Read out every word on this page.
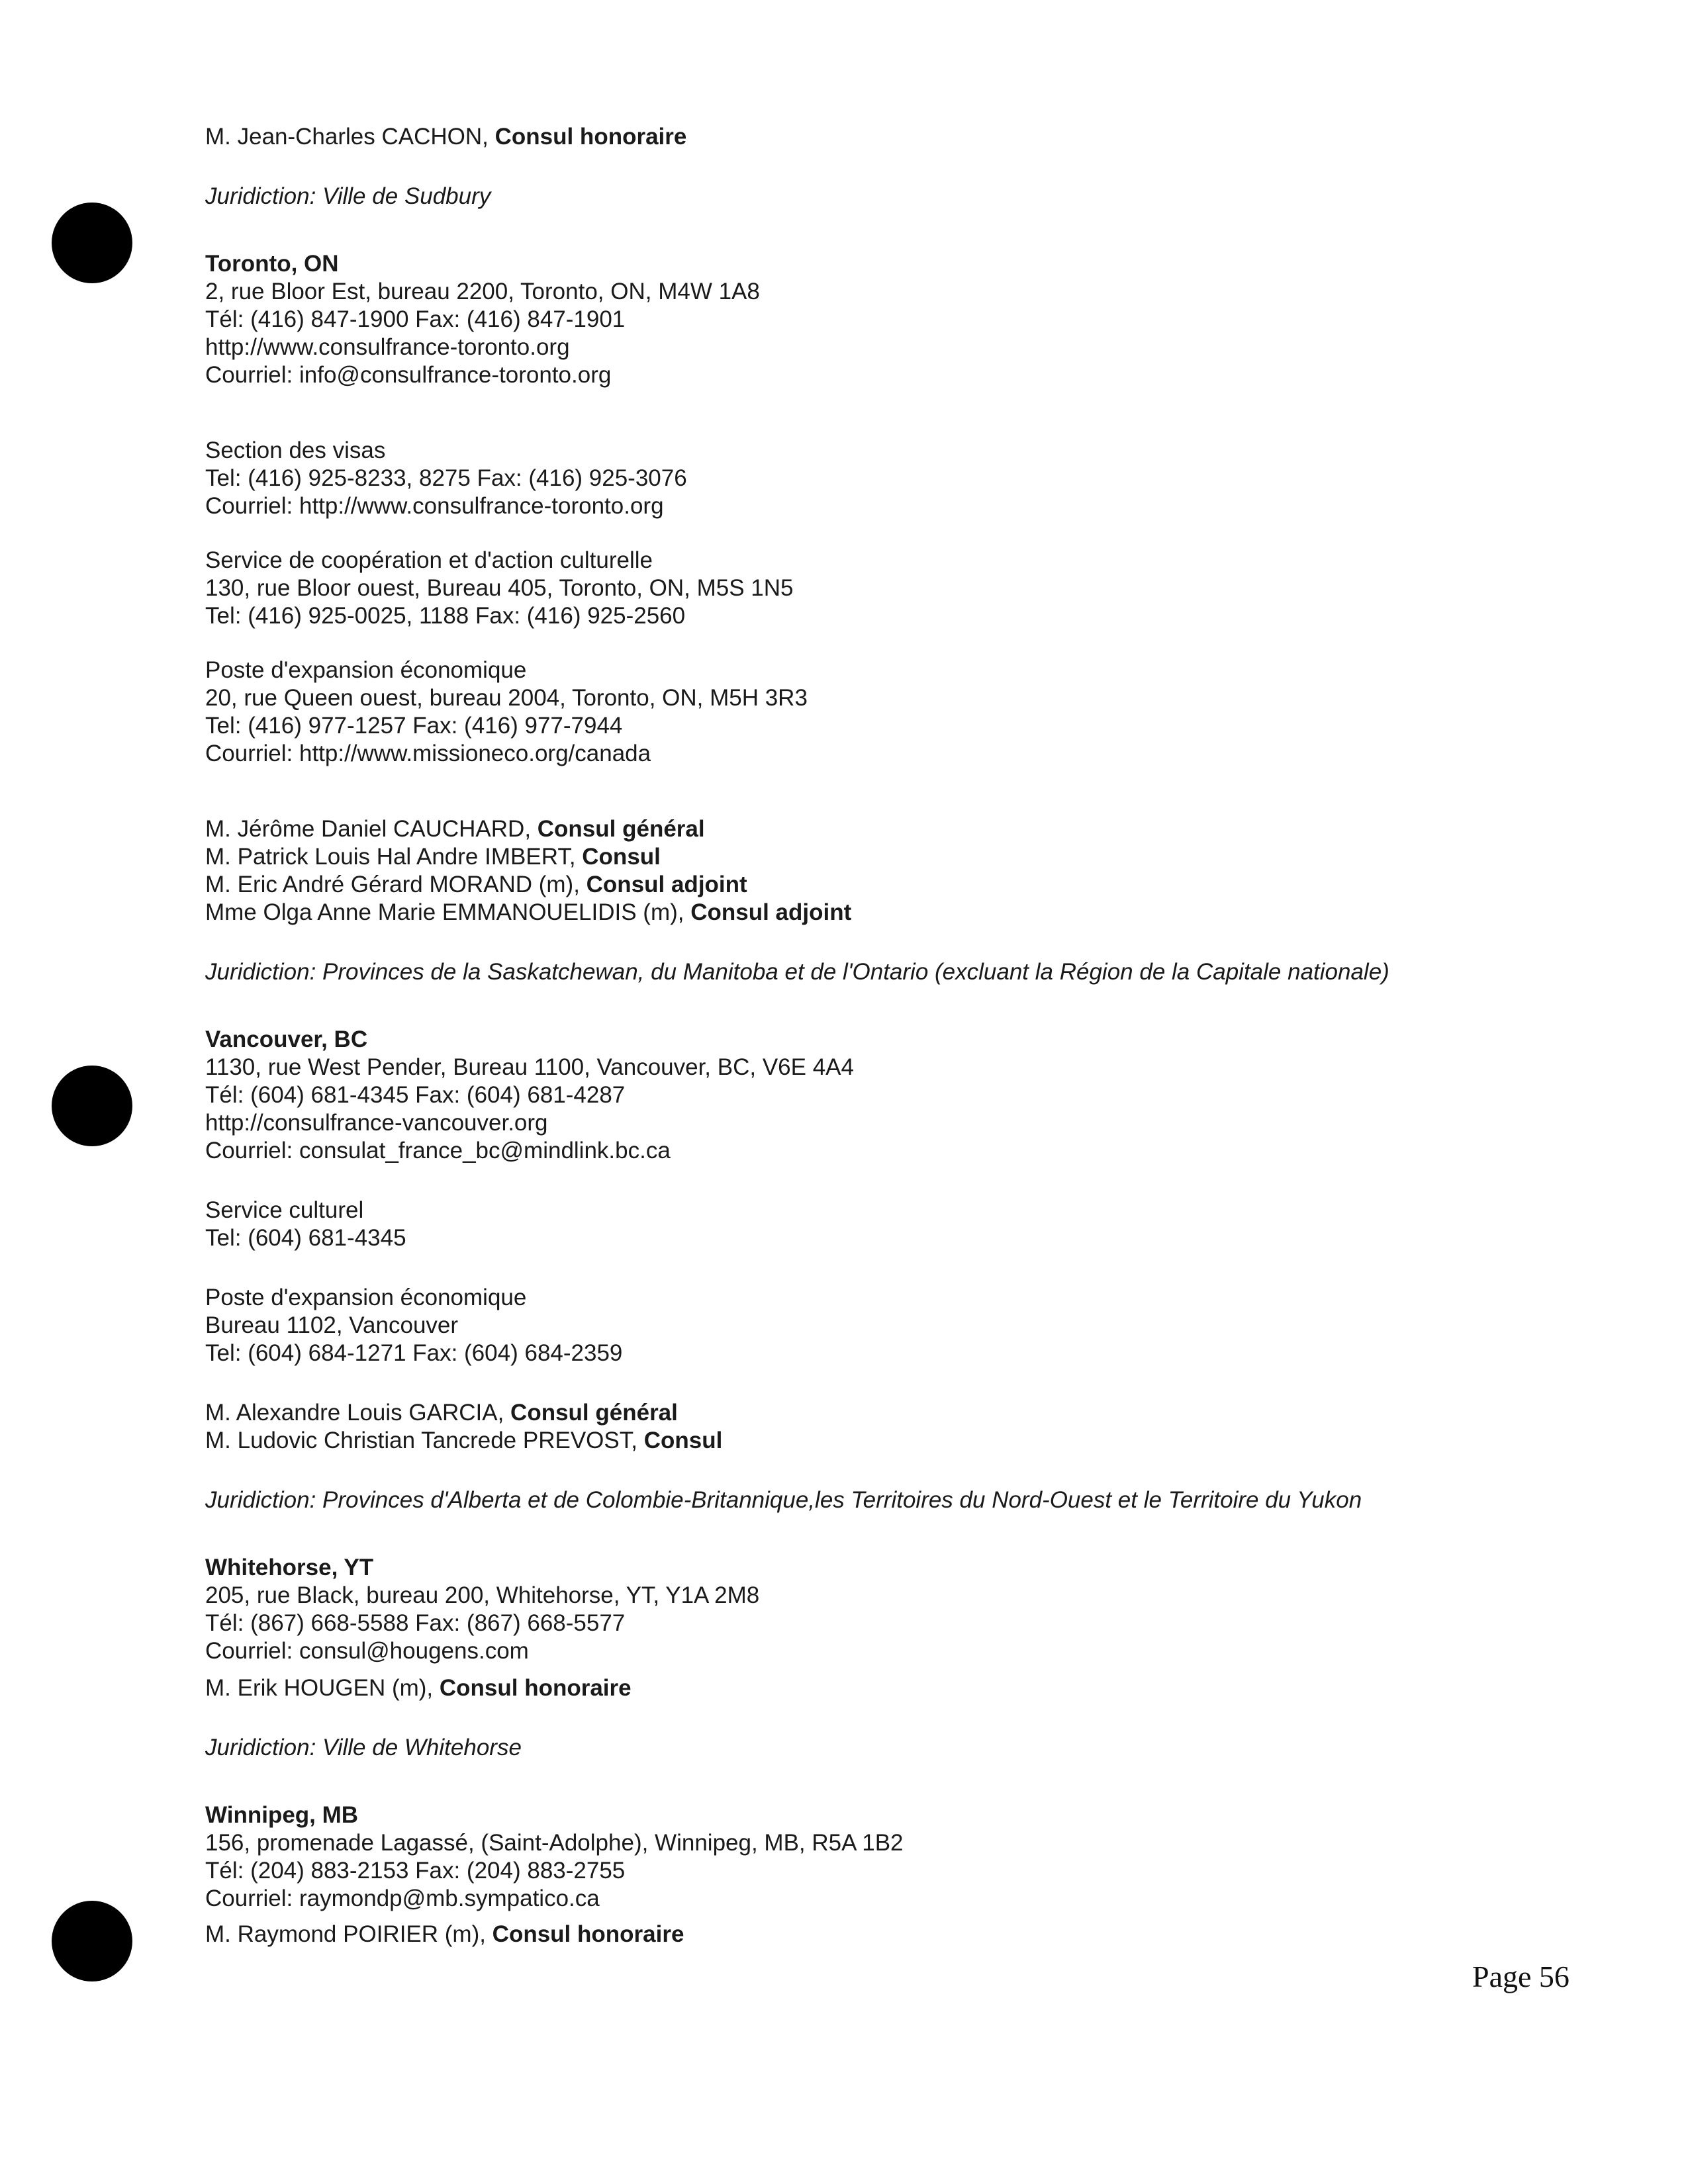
M. Jean-Charles CACHON, Consul honoraire
Juridiction: Ville de Sudbury
Toronto, ON
2, rue Bloor Est, bureau 2200, Toronto, ON, M4W 1A8
Tél: (416) 847-1900 Fax: (416) 847-1901
http://www.consulfrance-toronto.org
Courriel: info@consulfrance-toronto.org
Section des visas
Tel: (416) 925-8233, 8275 Fax: (416) 925-3076
Courriel: http://www.consulfrance-toronto.org
Service de coopération et d'action culturelle
130, rue Bloor ouest, Bureau 405, Toronto, ON, M5S 1N5
Tel: (416) 925-0025, 1188 Fax: (416) 925-2560
Poste d'expansion économique
20, rue Queen ouest, bureau 2004, Toronto, ON, M5H 3R3
Tel: (416) 977-1257 Fax: (416) 977-7944
Courriel: http://www.missioneco.org/canada
M. Jérôme Daniel CAUCHARD, Consul général
M. Patrick Louis Hal Andre IMBERT, Consul
M. Eric André Gérard MORAND (m), Consul adjoint
Mme Olga Anne Marie EMMANOUELIDIS (m), Consul adjoint
Juridiction: Provinces de la Saskatchewan, du Manitoba et de l'Ontario (excluant la Région de la Capitale nationale)
Vancouver, BC
1130, rue West Pender, Bureau 1100, Vancouver, BC, V6E 4A4
Tél: (604) 681-4345 Fax: (604) 681-4287
http://consulfrance-vancouver.org
Courriel: consulat_france_bc@mindlink.bc.ca
Service culturel
Tel: (604) 681-4345
Poste d'expansion économique
Bureau 1102, Vancouver
Tel: (604) 684-1271 Fax: (604) 684-2359
M. Alexandre Louis GARCIA, Consul général
M. Ludovic Christian Tancrede PREVOST, Consul
Juridiction: Provinces d'Alberta et de Colombie-Britannique,les Territoires du Nord-Ouest et le Territoire du Yukon
Whitehorse, YT
205, rue Black, bureau 200, Whitehorse, YT, Y1A 2M8
Tél: (867) 668-5588 Fax: (867) 668-5577
Courriel: consul@hougens.com
M. Erik HOUGEN (m), Consul honoraire
Juridiction: Ville de Whitehorse
Winnipeg, MB
156, promenade Lagassé, (Saint-Adolphe), Winnipeg, MB, R5A 1B2
Tél: (204) 883-2153 Fax: (204) 883-2755
Courriel: raymondp@mb.sympatico.ca
M. Raymond POIRIER (m), Consul honoraire
Page 56
